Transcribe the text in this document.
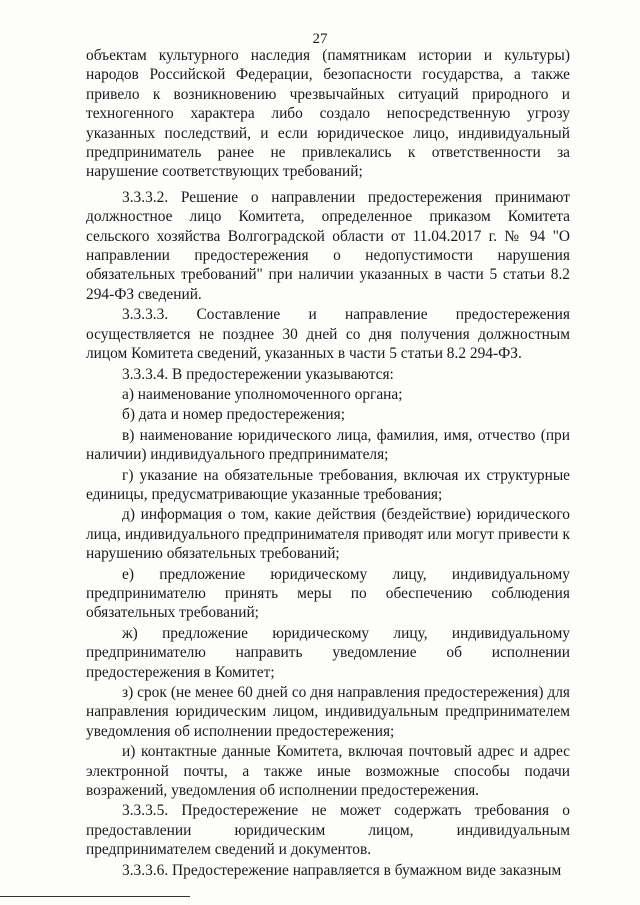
27

объектам культурного наследия (памятникам истории и культуры) народов Российской Федерации, безопасности государства, а также привело к возникновению чрезвычайных ситуаций природного и техногенного характера либо создало непосредственную угрозу указанных последствий, и если юридическое лицо, индивидуальный предприниматель ранее не привлекались к ответственности за нарушение соответствующих требований;

3.3.3.2. Решение о направлении предостережения принимают должностное лицо Комитета, определенное приказом Комитета сельского хозяйства Волгоградской области от 11.04.2017 г. № 94 "О направлении предостережения о недопустимости нарушения обязательных требований" при наличии указанных в части 5 статьи 8.2 294-ФЗ сведений.

3.3.3.3. Составление и направление предостережения осуществляется не позднее 30 дней со дня получения должностным лицом Комитета сведений, указанных в части 5 статьи 8.2 294-ФЗ.

3.3.3.4. В предостережении указываются:

а) наименование уполномоченного органа;

б) дата и номер предостережения;

в) наименование юридического лица, фамилия, имя, отчество (при наличии) индивидуального предпринимателя;

г) указание на обязательные требования, включая их структурные единицы, предусматривающие указанные требования;

д) информация о том, какие действия (бездействие) юридического лица, индивидуального предпринимателя приводят или могут привести к нарушению обязательных требований;

е) предложение юридическому лицу, индивидуальному предпринимателю принять меры по обеспечению соблюдения обязательных требований;

ж) предложение юридическому лицу, индивидуальному предпринимателю направить уведомление об исполнении предостережения в Комитет;

з) срок (не менее 60 дней со дня направления предостережения) для направления юридическим лицом, индивидуальным предпринимателем уведомления об исполнении предостережения;

и) контактные данные Комитета, включая почтовый адрес и адрес электронной почты, а также иные возможные способы подачи возражений, уведомления об исполнении предостережения.

3.3.3.5. Предостережение не может содержать требования о предоставлении юридическим лицом, индивидуальным предпринимателем сведений и документов.

3.3.3.6. Предостережение направляется в бумажном виде заказным
